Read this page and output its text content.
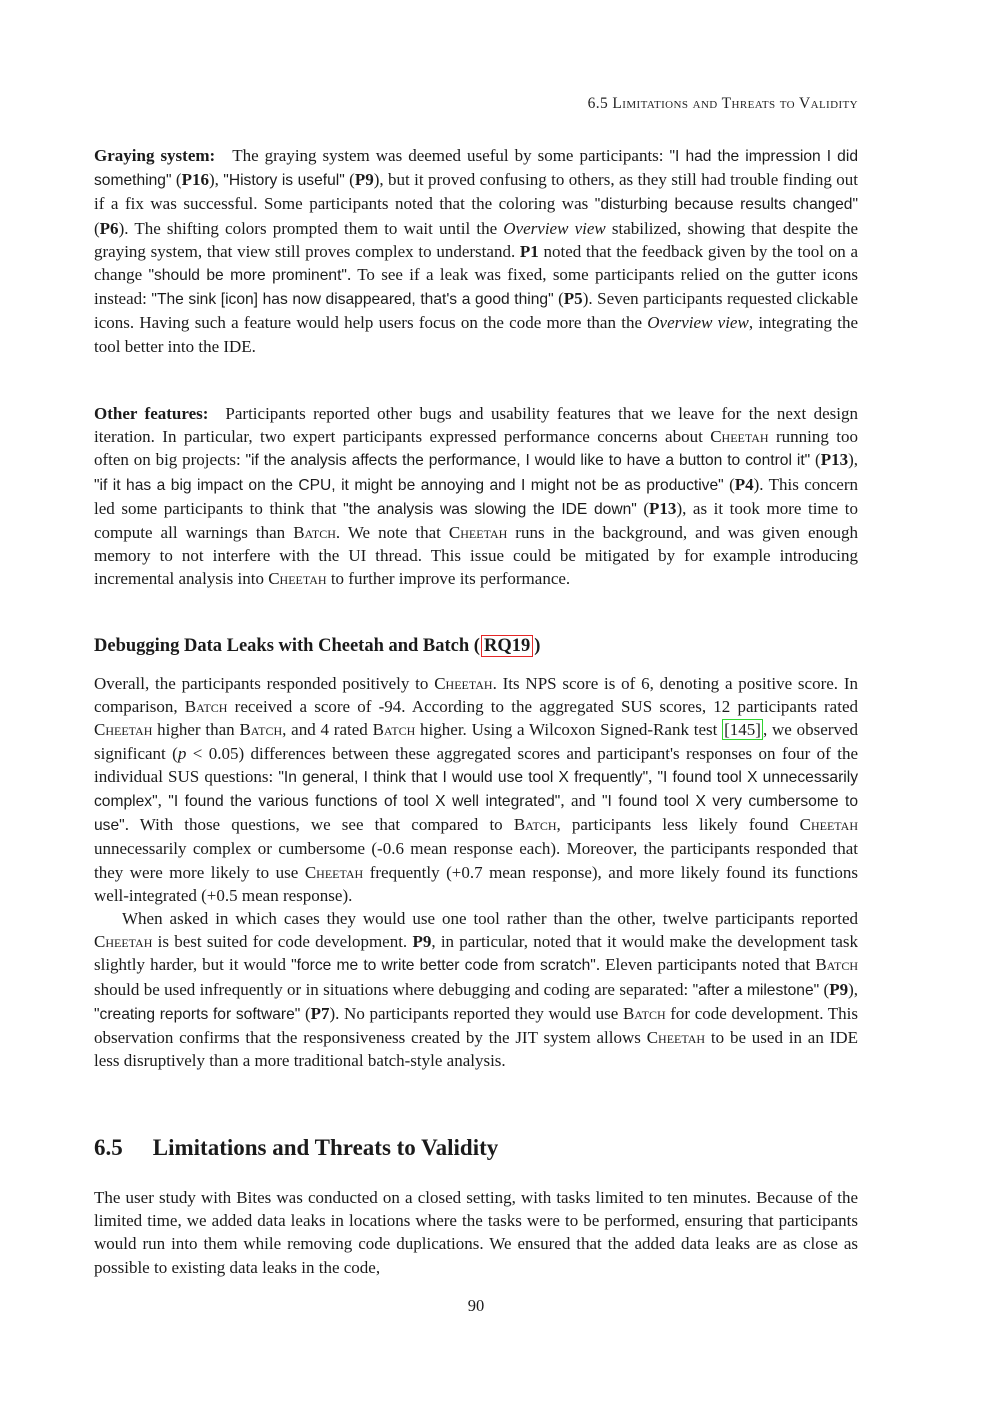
6.5 Limitations and Threats to Validity
Graying system: The graying system was deemed useful by some participants: "I had the impression I did something" (P16), "History is useful" (P9), but it proved confusing to others, as they still had trouble finding out if a fix was successful. Some participants noted that the coloring was "disturbing because results changed" (P6). The shifting colors prompted them to wait until the Overview view stabilized, showing that despite the graying system, that view still proves complex to understand. P1 noted that the feedback given by the tool on a change "should be more prominent". To see if a leak was fixed, some participants relied on the gutter icons instead: "The sink [icon] has now disappeared, that's a good thing" (P5). Seven participants requested clickable icons. Having such a feature would help users focus on the code more than the Overview view, integrating the tool better into the IDE.
Other features: Participants reported other bugs and usability features that we leave for the next design iteration. In particular, two expert participants expressed performance concerns about Cheetah running too often on big projects: "if the analysis affects the performance, I would like to have a button to control it" (P13), "if it has a big impact on the CPU, it might be annoying and I might not be as productive" (P4). This concern led some participants to think that "the analysis was slowing the IDE down" (P13), as it took more time to compute all warnings than Batch. We note that Cheetah runs in the background, and was given enough memory to not interfere with the UI thread. This issue could be mitigated by for example introducing incremental analysis into Cheetah to further improve its performance.
Debugging Data Leaks with Cheetah and Batch ( RQ19 )
Overall, the participants responded positively to Cheetah. Its NPS score is of 6, denoting a positive score. In comparison, Batch received a score of -94. According to the aggregated SUS scores, 12 participants rated Cheetah higher than Batch, and 4 rated Batch higher. Using a Wilcoxon Signed-Rank test [145] , we observed significant (p < 0.05) differences between these aggregated scores and participant's responses on four of the individual SUS questions: "In general, I think that I would use tool X frequently", "I found tool X unnecessarily complex", "I found the various functions of tool X well integrated", and "I found tool X very cumbersome to use". With those questions, we see that compared to Batch, participants less likely found Cheetah unnecessarily complex or cumbersome (-0.6 mean response each). Moreover, the participants responded that they were more likely to use Cheetah frequently (+0.7 mean response), and more likely found its functions well-integrated (+0.5 mean response).
When asked in which cases they would use one tool rather than the other, twelve participants reported Cheetah is best suited for code development. P9, in particular, noted that it would make the development task slightly harder, but it would "force me to write better code from scratch". Eleven participants noted that Batch should be used infrequently or in situations where debugging and coding are separated: "after a milestone" (P9), "creating reports for software" (P7). No participants reported they would use Batch for code development. This observation confirms that the responsiveness created by the JIT system allows Cheetah to be used in an IDE less disruptively than a more traditional batch-style analysis.
6.5 Limitations and Threats to Validity
The user study with Bites was conducted on a closed setting, with tasks limited to ten minutes. Because of the limited time, we added data leaks in locations where the tasks were to be performed, ensuring that participants would run into them while removing code duplications. We ensured that the added data leaks are as close as possible to existing data leaks in the code,
90
